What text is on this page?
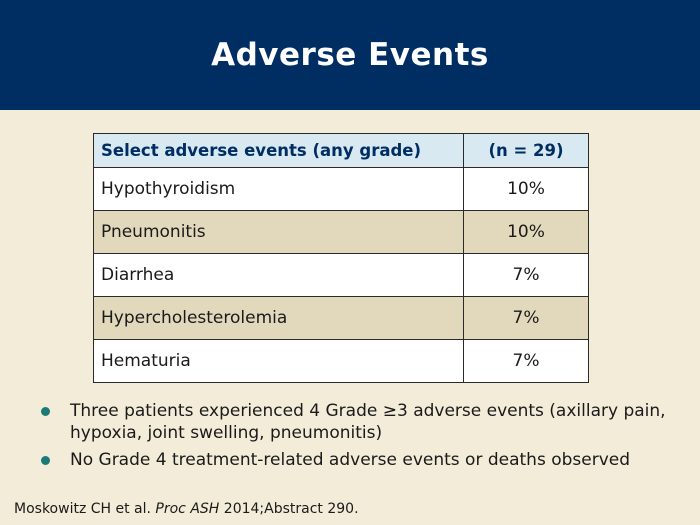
Adverse Events
Select adverse events (any grade)	(n = 29)
Hypothyroidism	10%
Pneumonitis	10%
Diarrhea	7%
Hypercholesterolemia	7%
Hematuria	7%
Three patients experienced 4 Grade ≥3 adverse events (axillary pain, hypoxia, joint swelling, pneumonitis)
No Grade 4 treatment-related adverse events or deaths observed
Moskowitz CH et al. Proc ASH 2014;Abstract 290.
